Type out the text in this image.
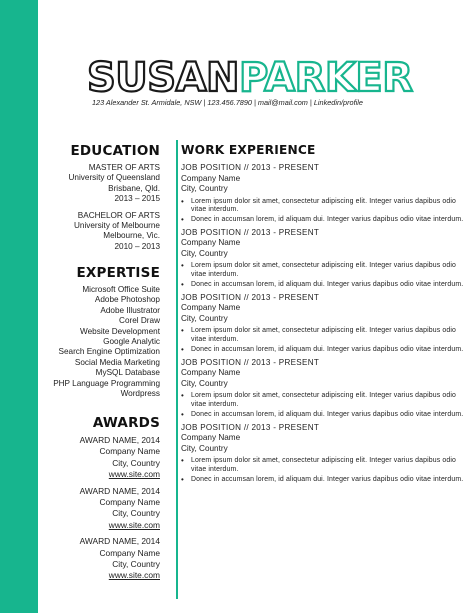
SUSANPARKER
123 Alexander St. Armidale, NSW | 123.456.7890 | mail@mail.com | Linkedin/profile
EDUCATION
MASTER OF ARTS
University of Queensland
Brisbane, Qld.
2013 – 2015
BACHELOR OF ARTS
University of Melbourne
Melbourne, Vic.
2010 – 2013
EXPERTISE
Microsoft Office Suite
Adobe Photoshop
Adobe Illustrator
Corel Draw
Website Development
Google Analytic
Search Engine Optimization
Social Media Marketing
MySQL Database
PHP Language Programming
Wordpress
AWARDS
AWARD NAME, 2014
Company Name
City, Country
www.site.com
AWARD NAME, 2014
Company Name
City, Country
www.site.com
AWARD NAME, 2014
Company Name
City, Country
www.site.com
WORK EXPERIENCE
JOB POSITION // 2013 - PRESENT
Company Name
City, Country
• Lorem ipsum dolor sit amet, consectetur adipiscing elit. Integer varius dapibus odio vitae interdum.
• Donec in accumsan lorem, id aliquam dui. Integer varius dapibus odio vitae interdum.
JOB POSITION // 2013 - PRESENT
Company Name
City, Country
• Lorem ipsum dolor sit amet, consectetur adipiscing elit. Integer varius dapibus odio vitae interdum.
• Donec in accumsan lorem, id aliquam dui. Integer varius dapibus odio vitae interdum.
JOB POSITION // 2013 - PRESENT
Company Name
City, Country
• Lorem ipsum dolor sit amet, consectetur adipiscing elit. Integer varius dapibus odio vitae interdum.
• Donec in accumsan lorem, id aliquam dui. Integer varius dapibus odio vitae interdum.
JOB POSITION // 2013 - PRESENT
Company Name
City, Country
• Lorem ipsum dolor sit amet, consectetur adipiscing elit. Integer varius dapibus odio vitae interdum.
• Donec in accumsan lorem, id aliquam dui. Integer varius dapibus odio vitae interdum.
JOB POSITION // 2013 - PRESENT
Company Name
City, Country
• Lorem ipsum dolor sit amet, consectetur adipiscing elit. Integer varius dapibus odio vitae interdum.
• Donec in accumsan lorem, id aliquam dui. Integer varius dapibus odio vitae interdum.
